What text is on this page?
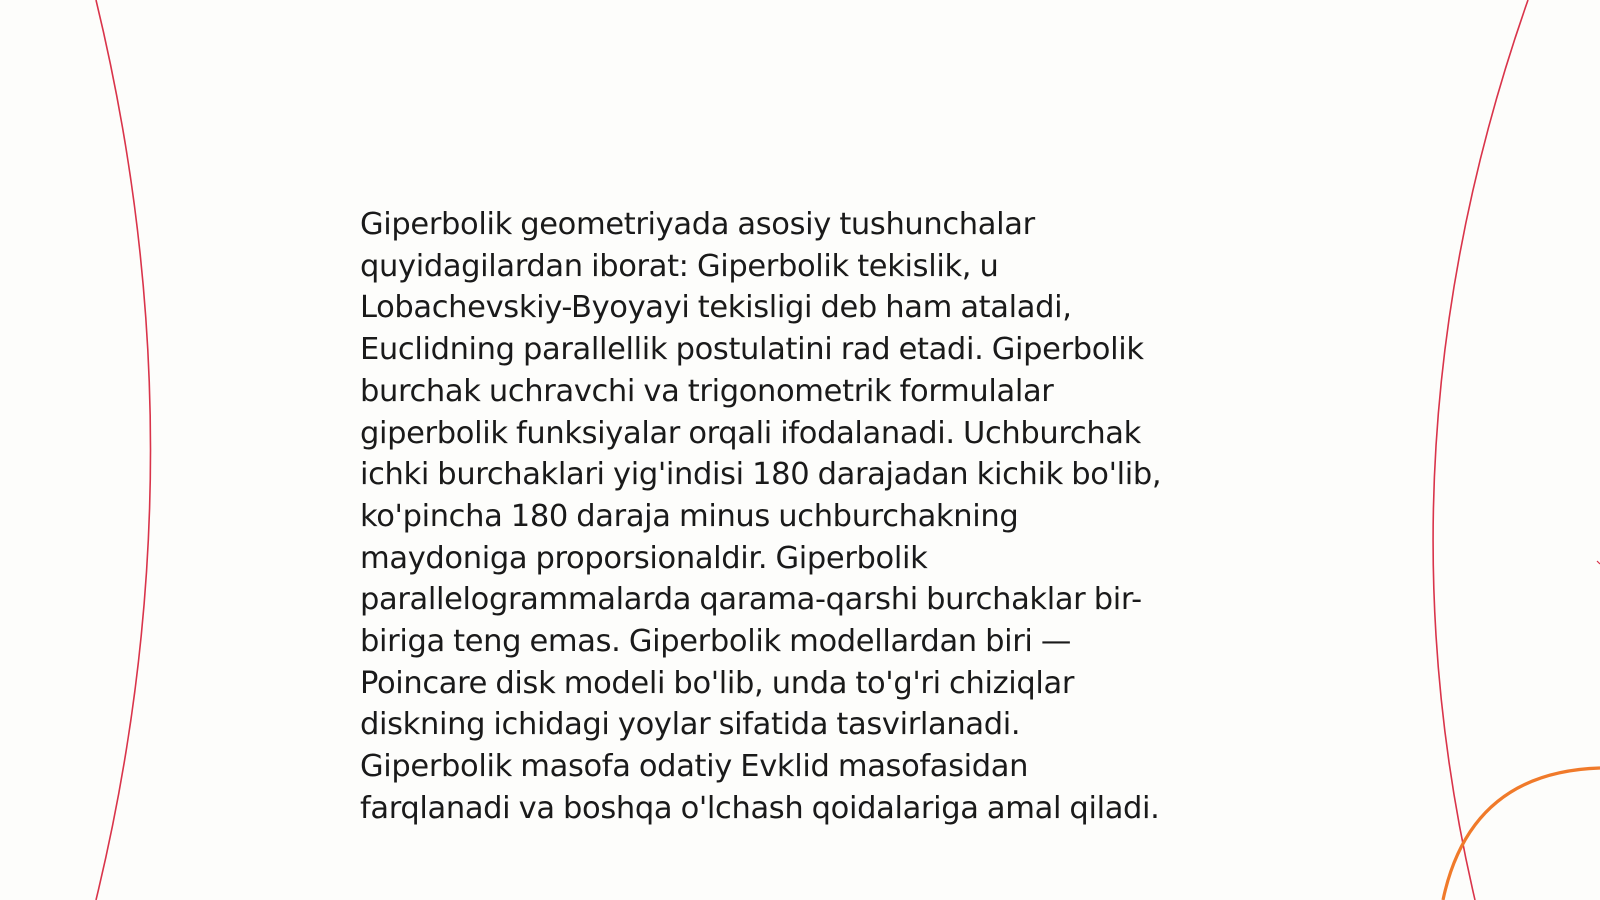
Giperbolik geometriyada asosiy tushunchalar
quyidagilardan iborat: Giperbolik tekislik, u
Lobachevskiy-Byoyayi tekisligi deb ham ataladi,
Euclidning parallellik postulatini rad etadi. Giperbolik
burchak uchravchi va trigonometrik formulalar
giperbolik funksiyalar orqali ifodalanadi. Uchburchak
ichki burchaklari yig'indisi 180 darajadan kichik bo'lib,
ko'pincha 180 daraja minus uchburchakning
maydoniga proporsionaldir. Giperbolik
parallelogrammalarda qarama-qarshi burchaklar bir-
biriga teng emas. Giperbolik modellardan biri —
Poincare disk modeli bo'lib, unda to'g'ri chiziqlar
diskning ichidagi yoylar sifatida tasvirlanadi.
Giperbolik masofa odatiy Evklid masofasidan
farqlanadi va boshqa o'lchash qoidalariga amal qiladi.
